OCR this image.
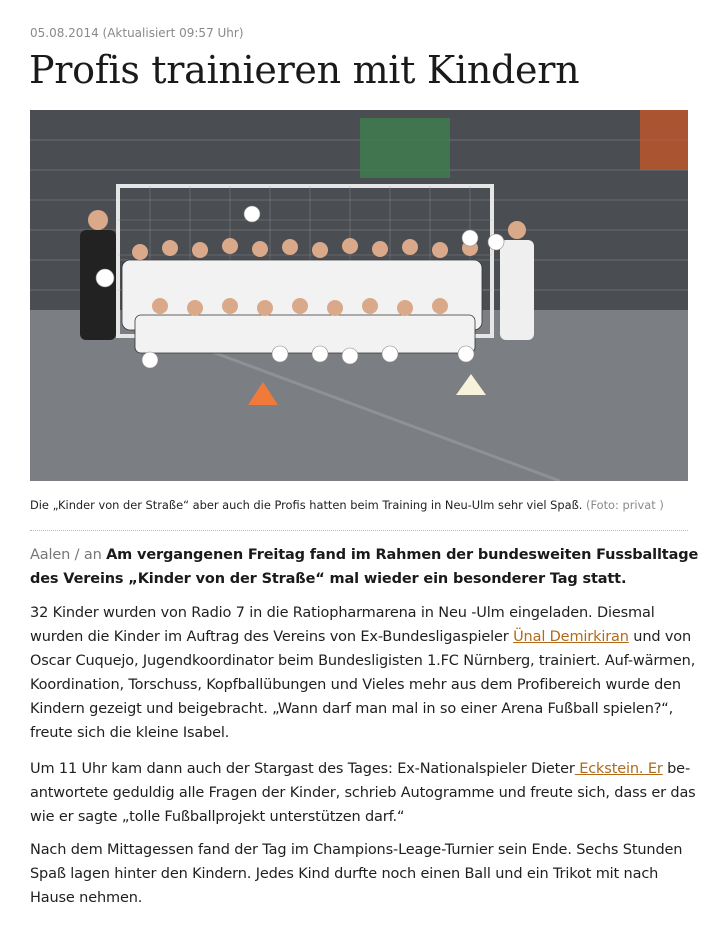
05.08.2014 (Aktualisiert 09:57 Uhr)
Profis trainieren mit Kindern
Die „Kinder von der Straße“ aber auch die Profis hatten beim Training in Neu-Ulm sehr viel Spaß. (Foto: privat )

Aalen / an Am vergangenen Freitag fand im Rahmen der bundesweiten Fussballtage des Vereins „Kinder von der Straße“ mal wieder ein besonderer Tag statt.

32 Kinder wurden von Radio 7 in die Ratiopharmarena in Neu -Ulm eingeladen. Diesmal wurden die Kinder im Auftrag des Vereins von Ex-Bundesligaspieler Ünal Demirkiran und von Oscar Cuquejo, Jugendkoordinator beim Bundesligisten 1.FC Nürnberg, trainiert. Auf-wärmen, Koordination, Torschuss, Kopfballübungen und Vieles mehr aus dem Profibereich wurde den Kindern gezeigt und beigebracht. „Wann darf man mal in so einer Arena Fußball spielen?“, freute sich die kleine Isabel.

Um 11 Uhr kam dann auch der Stargast des Tages: Ex-Nationalspieler Dieter Eckstein. Er be-antwortete geduldig alle Fragen der Kinder, schrieb Autogramme und freute sich, dass er das wie er sagte „tolle Fußballprojekt unterstützen darf.“

Nach dem Mittagessen fand der Tag im Champions-Leage-Turnier sein Ende. Sechs Stunden Spaß lagen hinter den Kindern. Jedes Kind durfte noch einen Ball und ein Trikot mit nach Hause nehmen.
